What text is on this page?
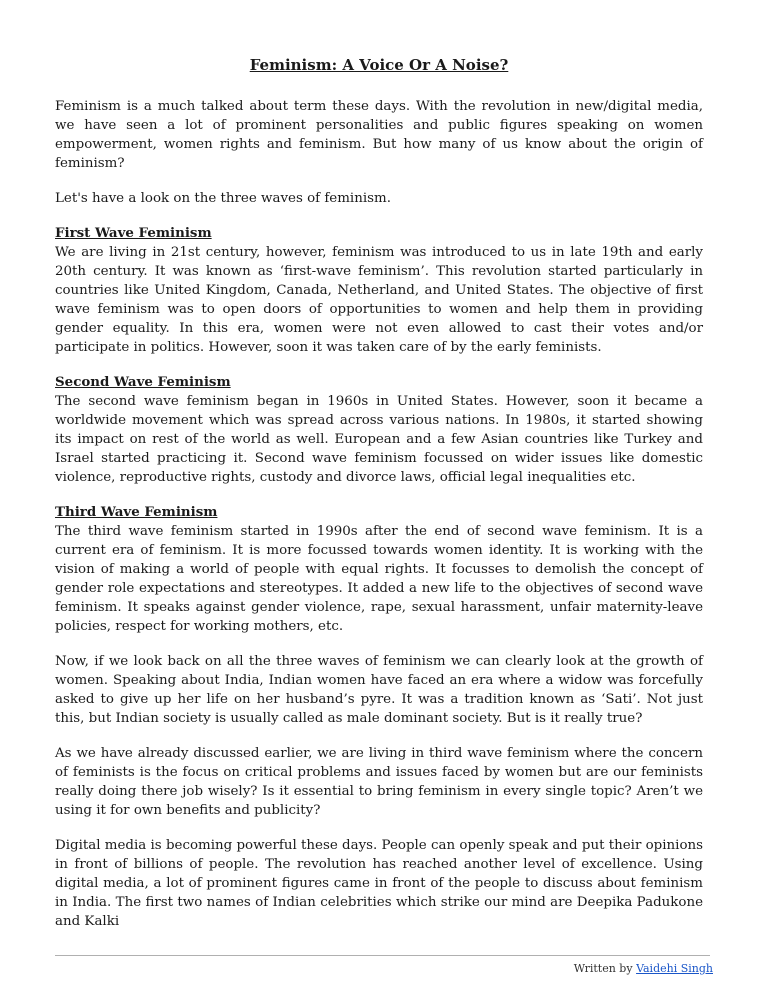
Feminism: A Voice Or A Noise?

Feminism is a much talked about term these days. With the revolution in new/digital media, we have seen a lot of prominent personalities and public figures speaking on women empowerment, women rights and feminism. But how many of us know about the origin of feminism?

Let's have a look on the three waves of feminism.

First Wave Feminism

We are living in 21st century, however, feminism was introduced to us in late 19th and early 20th century. It was known as ‘first-wave feminism’. This revolution started particularly in countries like United Kingdom, Canada, Netherland, and United States. The objective of first wave feminism was to open doors of opportunities to women and help them in providing gender equality. In this era, women were not even allowed to cast their votes and/or participate in politics. However, soon it was taken care of by the early feminists.

Second Wave Feminism

The second wave feminism began in 1960s in United States. However, soon it became a worldwide movement which was spread across various nations. In 1980s, it started showing its impact on rest of the world as well. European and a few Asian countries like Turkey and Israel started practicing it. Second wave feminism focussed on wider issues like domestic violence, reproductive rights, custody and divorce laws, official legal inequalities etc.

Third Wave Feminism

The third wave feminism started in 1990s after the end of second wave feminism. It is a current era of feminism. It is more focussed towards women identity. It is working with the vision of making a world of people with equal rights. It focusses to demolish the concept of gender role expectations and stereotypes. It added a new life to the objectives of second wave feminism. It speaks against gender violence, rape, sexual harassment, unfair maternity-leave policies, respect for working mothers, etc.

Now, if we look back on all the three waves of feminism we can clearly look at the growth of women. Speaking about India, Indian women have faced an era where a widow was forcefully asked to give up her life on her husband’s pyre. It was a tradition known as ‘Sati’. Not just this, but Indian society is usually called as male dominant society. But is it really true?

As we have already discussed earlier, we are living in third wave feminism where the concern of feminists is the focus on critical problems and issues faced by women but are our feminists really doing there job wisely? Is it essential to bring feminism in every single topic? Aren’t we using it for own benefits and publicity?

Digital media is becoming powerful these days. People can openly speak and put their opinions in front of billions of people. The revolution has reached another level of excellence. Using digital media, a lot of prominent figures came in front of the people to discuss about feminism in India. The first two names of Indian celebrities which strike our mind are Deepika Padukone and Kalki

Written by Vaidehi Singh
